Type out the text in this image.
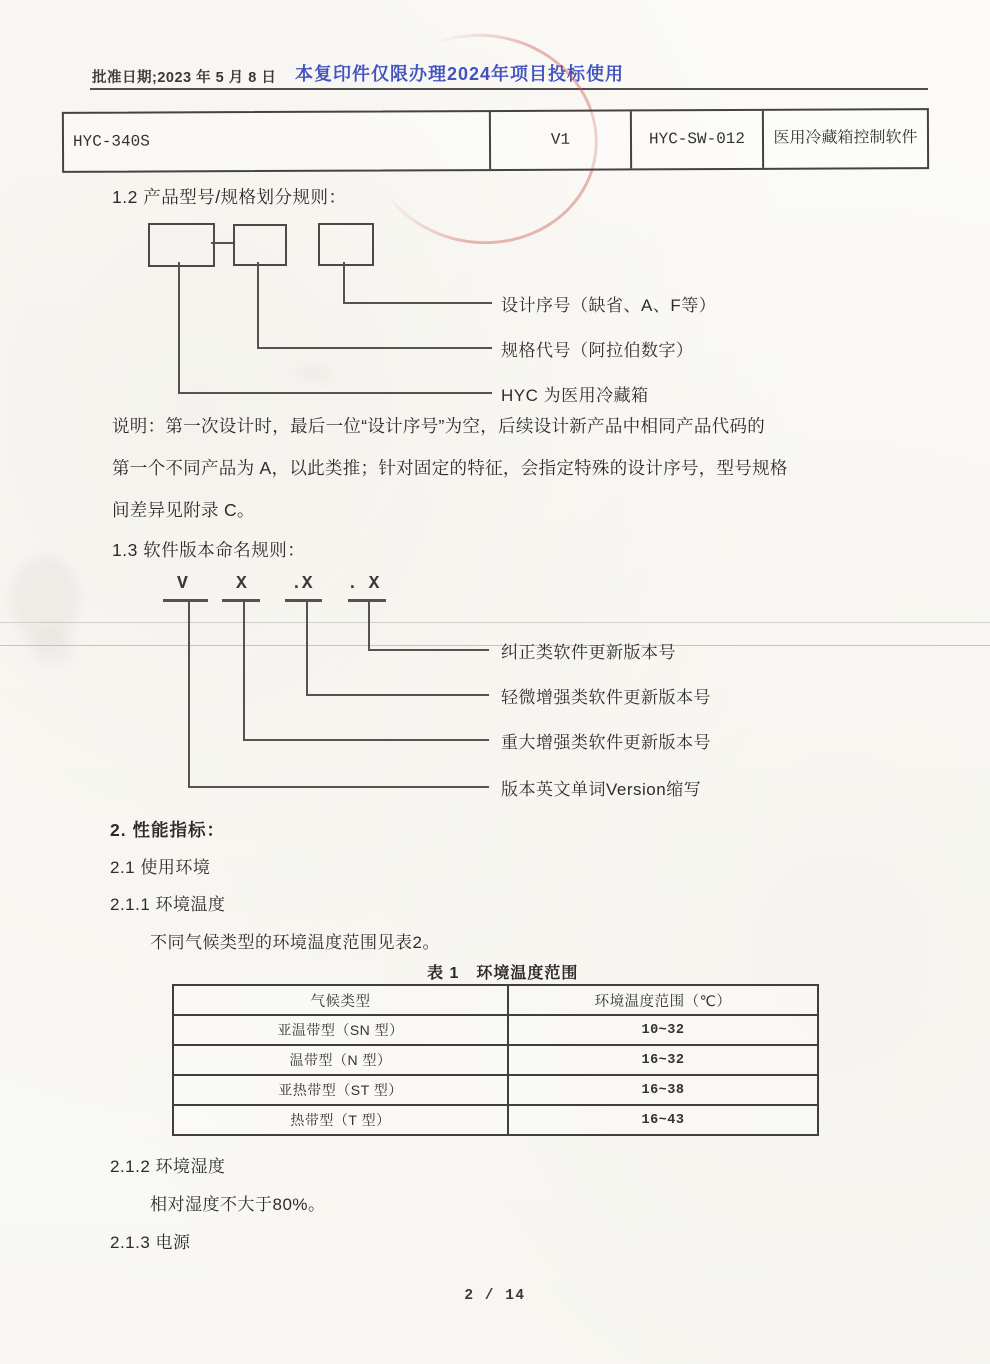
批准日期;2023 年 5 月 8 日 本复印件仅限办理2024年项目投标使用
HYC-340S	V1	HYC-SW-012	医用冷藏箱控制软件
1.2 产品型号/规格划分规则：
设计序号（缺省、A、F等）
规格代号（阿拉伯数字）
HYC 为医用冷藏箱
说明：第一次设计时，最后一位“设计序号”为空，后续设计新产品中相同产品代码的
第一个不同产品为 A，以此类推；针对固定的特征，会指定特殊的设计序号，型号规格
间差异见附录 C。
1.3 软件版本命名规则：
V	X .X . X
纠正类软件更新版本号
轻微增强类软件更新版本号
重大增强类软件更新版本号
版本英文单词Version缩写
2. 性能指标：
2.1 使用环境
2.1.1 环境温度
不同气候类型的环境温度范围见表2。
表 1　环境温度范围
气候类型	环境温度范围（℃）
亚温带型（SN 型）	10~32
温带型（N 型）	16~32
亚热带型（ST 型）	16~38
热带型（T 型）	16~43
2.1.2 环境湿度
相对湿度不大于80%。
2.1.3 电源
2 / 14
